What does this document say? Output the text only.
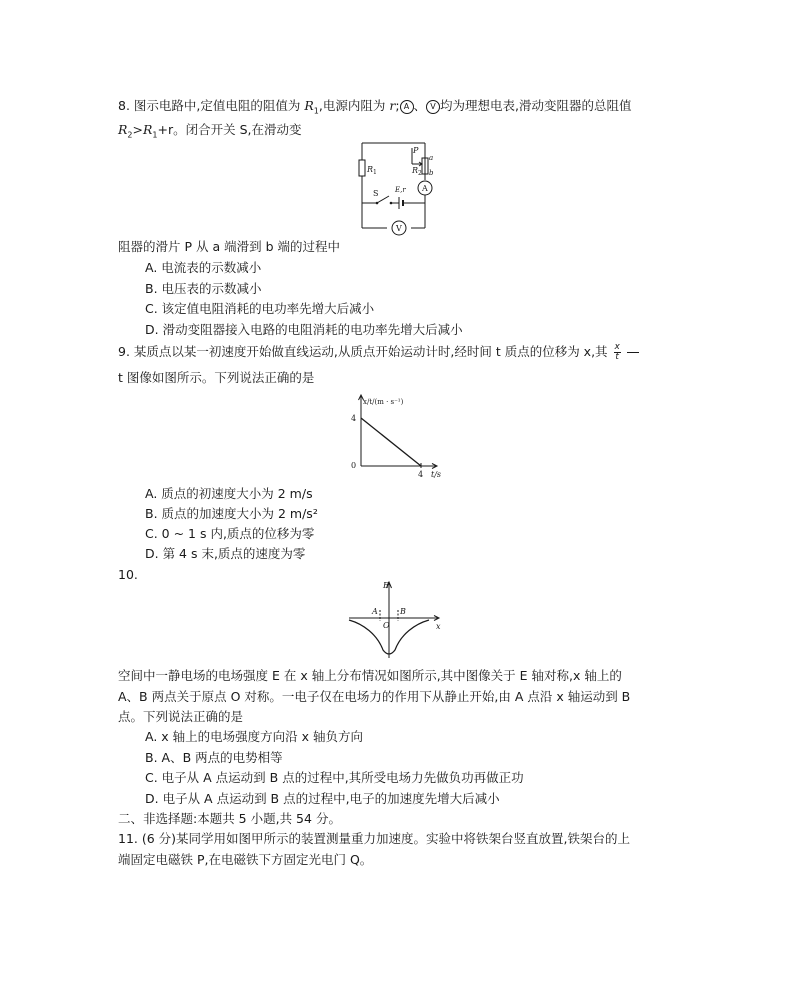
8. 图示电路中,定值电阻的阻值为 $R_1$,电源内阻为 r; A 、 V 均为理想电表,滑动变阻器的总阻值
$R_2>R_1+r$。闭合开关 S,在滑动变
R 1
P
a
b
R 2
E,r A
S
V
阻器的滑片 P 从 a 端滑到 b 端的过程中
A. 电流表的示数减小
B. 电压表的示数减小
C. 该定值电阻消耗的电功率先增大后减小
D. 滑动变阻器接入电路的电阻消耗的电功率先增大后减小
9. 某质点以某一初速度开始做直线运动,从质点开始运动计时,经时间 t 质点的位移为 x,其 $\frac{x}{t}$

t 图像如图所示。下列说法正确的是
x/t/(m · s⁻¹)
4
0
4 t/s
A. 质点的初速度大小为 2 m/s
B. 质点的加速度大小为 2 m/s²
C. 0 ~ 1 s 内,质点的位移为零
D. 第 4 s 末,质点的速度为零
10.
E
A
O
B
x
空间中一静电场的电场强度 E 在 x 轴上分布情况如图所示,其中图像关于 E 轴对称,x 轴上的
A、B 两点关于原点 O 对称。一电子仅在电场力的作用下从静止开始,由 A 点沿 x 轴运动到 B
点。下列说法正确的是
A. x 轴上的电场强度方向沿 x 轴负方向
B. A、B 两点的电势相等
C. 电子从 A 点运动到 B 点的过程中,其所受电场力先做负功再做正功
D. 电子从 A 点运动到 B 点的过程中,电子的加速度先增大后减小
二、非选择题:本题共 5 小题,共 54 分。
11. (6 分)某同学用如图甲所示的装置测量重力加速度。实验中将铁架台竖直放置,铁架台的上
端固定电磁铁 P,在电磁铁下方固定光电门 Q。
